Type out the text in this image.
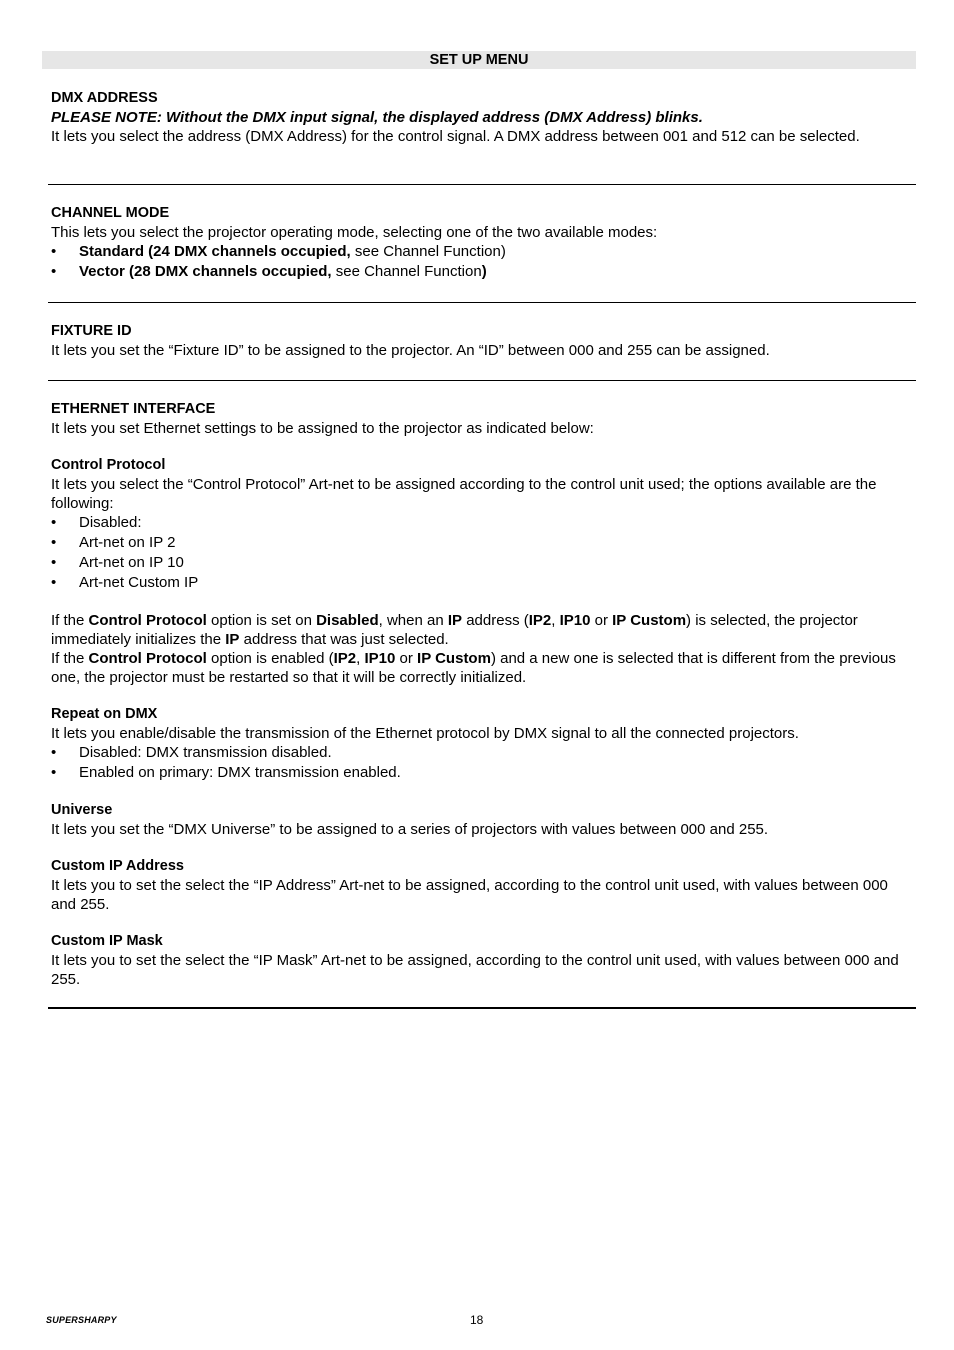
SET UP MENU
DMX ADDRESS
PLEASE NOTE: Without the DMX input signal, the displayed address (DMX Address) blinks.
It lets you select the address (DMX Address) for the control signal. A DMX address between 001 and 512 can be selected.
CHANNEL MODE
This lets you select the projector operating mode, selecting one of the two available modes:
• Standard (24 DMX channels occupied, see Channel Function)
• Vector (28 DMX channels occupied, see Channel Function)
FIXTURE ID
It lets you set the “Fixture ID” to be assigned to the projector. An “ID” between 000 and 255 can be assigned.
ETHERNET INTERFACE
It lets you set Ethernet settings to be assigned to the projector as indicated below:
Control Protocol
It lets you select the “Control Protocol” Art-net to be assigned according to the control unit used; the options available are the following:
• Disabled:
• Art-net on IP 2
• Art-net on IP 10
• Art-net Custom IP
If the Control Protocol option is set on Disabled, when an IP address (IP2, IP10 or IP Custom) is selected, the projector immediately initializes the IP address that was just selected.
If the Control Protocol option is enabled (IP2, IP10 or IP Custom) and a new one is selected that is different from the previous one, the projector must be restarted so that it will be correctly initialized.
Repeat on DMX
It lets you enable/disable the transmission of the Ethernet protocol by DMX signal to all the connected projectors.
• Disabled: DMX transmission disabled.
• Enabled on primary: DMX transmission enabled.
Universe
It lets you set the “DMX Universe” to be assigned to a series of projectors with values between 000 and 255.
Custom IP Address
It lets you to set the select the “IP Address” Art-net to be assigned, according to the control unit used, with values between 000 and 255.
Custom IP Mask
It lets you to set the select the “IP Mask” Art-net to be assigned, according to the control unit used, with values between 000 and 255.
SUPERSHARPY	18
